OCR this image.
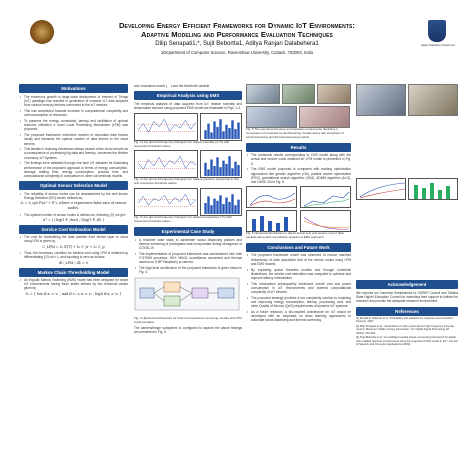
Developing Energy Efficient Frameworks for Dynamic IoT Environments:
Adaptive Modeling and Performance Evaluation Techniques
Dilip Senapati1,*, Sujit Bebortta1, Aditya Ranjan Dalabehera1
1Department of Computer Science, Ravenshaw University, Cuttack, 753003, India
Higher Education Department
Motivations
• The enormous growth in large-scale deployment of Internet of Things (IoT) paradigm has resulted in generation of massive IoT data acquired from various sensory devices connected to the IoT network.
• This has contributed towards increase in computational complexity and overconsumption of resources.
• To preserve the energy constraints, latency and facilitation of optimal resource utilization a novel Local Processing Mechanism (LPM) was proposed.
• The proposed framework minimizes number of redundant data frames locally and transmits the optimal number of data frames to the cloud servers.
• This assists in reducing extraneous delays caused at the cloud servers as a consequence of processing big data and thereby, conserves the lifetime of sensory IoT systems.
• The findings were validated through real time IoT datasets for illustrating performance of the proposed approach in terms of energy consumption, average waiting time, energy consumption, process time, and computational complexity in comparison to other conventional models.
Optimal Sensor Selection Model
• The reliability of sensor nodes can be characterized by the well known Energy Detection (ED) model, defined as,
Sᵢ = λ_opt Pᵢ(σ² + δ²), where σ represents false rate of sensor nodes.
• The optimal number of sensor nodes is defined as, following (3), we get:
n* = ⌈ (log(1-P_des)) / (log(1-P_d)) ⌉
Service Cost Estimation Model
• The cost for transmitting the data packets from device layer to cloud using LPM is given by,
C_LPM = λ₁ E[T] + λ₂ C_tr + λ₃ C_p
• Thus, the necessary condition for minimal cost using LPM is obtained by differentiating (10) w.r.t λ, and equating to zero as follows:
dC_LPM / dλ = 0
Markov Chain Thresholding Model
• An Ergodic Markov Switching (EMS) model has been designed for smart IoT environments having three states defined by two threshold values given by,
Sₜ = { low if xₜ < τ₁ ; mid if τ₁ ≤ xₜ < τ₂ ; high if xₜ ≥ τ₂ }
and covariance matrix (... ) and the threshold variable.
Empirical Analysis using EMS
The empirical analysis of data acquired from IoT relative humidity and temperature sensors using proposed EMS model are illustrated in Figs. 1-3.
Fig. 1 Line plot and frequency histogram for relative humidity (in %) with respective threshold values.
Fig. 2 Line plot and frequency histogram for relative pressure (measured in Pa) with respective threshold values.
Fig. 3 Line plot and frequency histogram for relative temperature (°C) with respective threshold values.
Experimental Case Study
• A real-time case study to administer social distancing policies and thermal screening of participants was incorporated during resurgence of COVID-19.
• The implementation of proposed framework was administered with Intel i7-9750H processor, NEX WIN11 surveillance connected and thermal camera on 5 MP Raspberry pi camera.
• The high-level architecture of the proposed framework is given below in Fig. 4.
Fig. 4 High-level architecture for thermal temperature screening module and LPM implementation.
The camera/image subsystem is configured to capture the above findings are presented in Fig. 5.
Fig. 5 The experimental setup and hardware components depicting in comparison of proposed social distancing module along with snapshots of social distancing and thermal screening module.
Results
• The numerical results corresponding to OSS model along with the arrival and service costs obtained for LPM model is presented in Fig. 6.
• The EMS model proposed is compared with existing optimization approaches like genetic algorithm (GA), particle swarm optimization (PSO), gravitational search algorithm (GSA), ADMM algorithm (ALG), and DARE-GA in Fig. 6.
Fig. 6 Numerical illustrations to depict arrival cost and service cost of data packets along with comparative analysis of EMS approach.
Conclusions and Future Work
• The proposed framework model was observed to reduce manifold redundancy of data acquisition trial of the sensor nodes using LPM and EMS models.
• By exploiting queue theoretic models and through numerical illustrations, the service cost estimation was computed to optimize and improve latency minimization.
• This mechanism subsequently minimized overall cost and power consumption in IoT environments and lowered computational complexity of IoT devices.
• The proposed strategy provides a low complexity solution to modeling and improving energy consumption, latency, processing cost, and other Quality of Service (QoS) requirements of dynamic IoT systems.
• As a future research, a bio-inspired architecture for IoT would be developed with an emphasis on deep learning approaches to automate social distancing and thermal screening.
Acknowledgement
We express our immense thankfulness to OURIIP Council and Odisha State Higher Education Council for extending their support to initiate the research and provide the adequate research environment.
References
[1] Ronald E. Walpole et al. "Probability and statistics for engineers and scientists." Pearson, 2007.
[2] Dilip Senapati et al. "Generation of cubic power-law for high frequency intra-day returns: Maximum Tsallis entropy framework." Int. Digital Signal Processing 48 (2016): 276-284.
[3] Sujit Bebortta et al. "An intelligent spatial stream processing framework for digital twin enabled real time environments using the proposal of OSS model in IoT." Journal of Network and Computer Applications (2022).
